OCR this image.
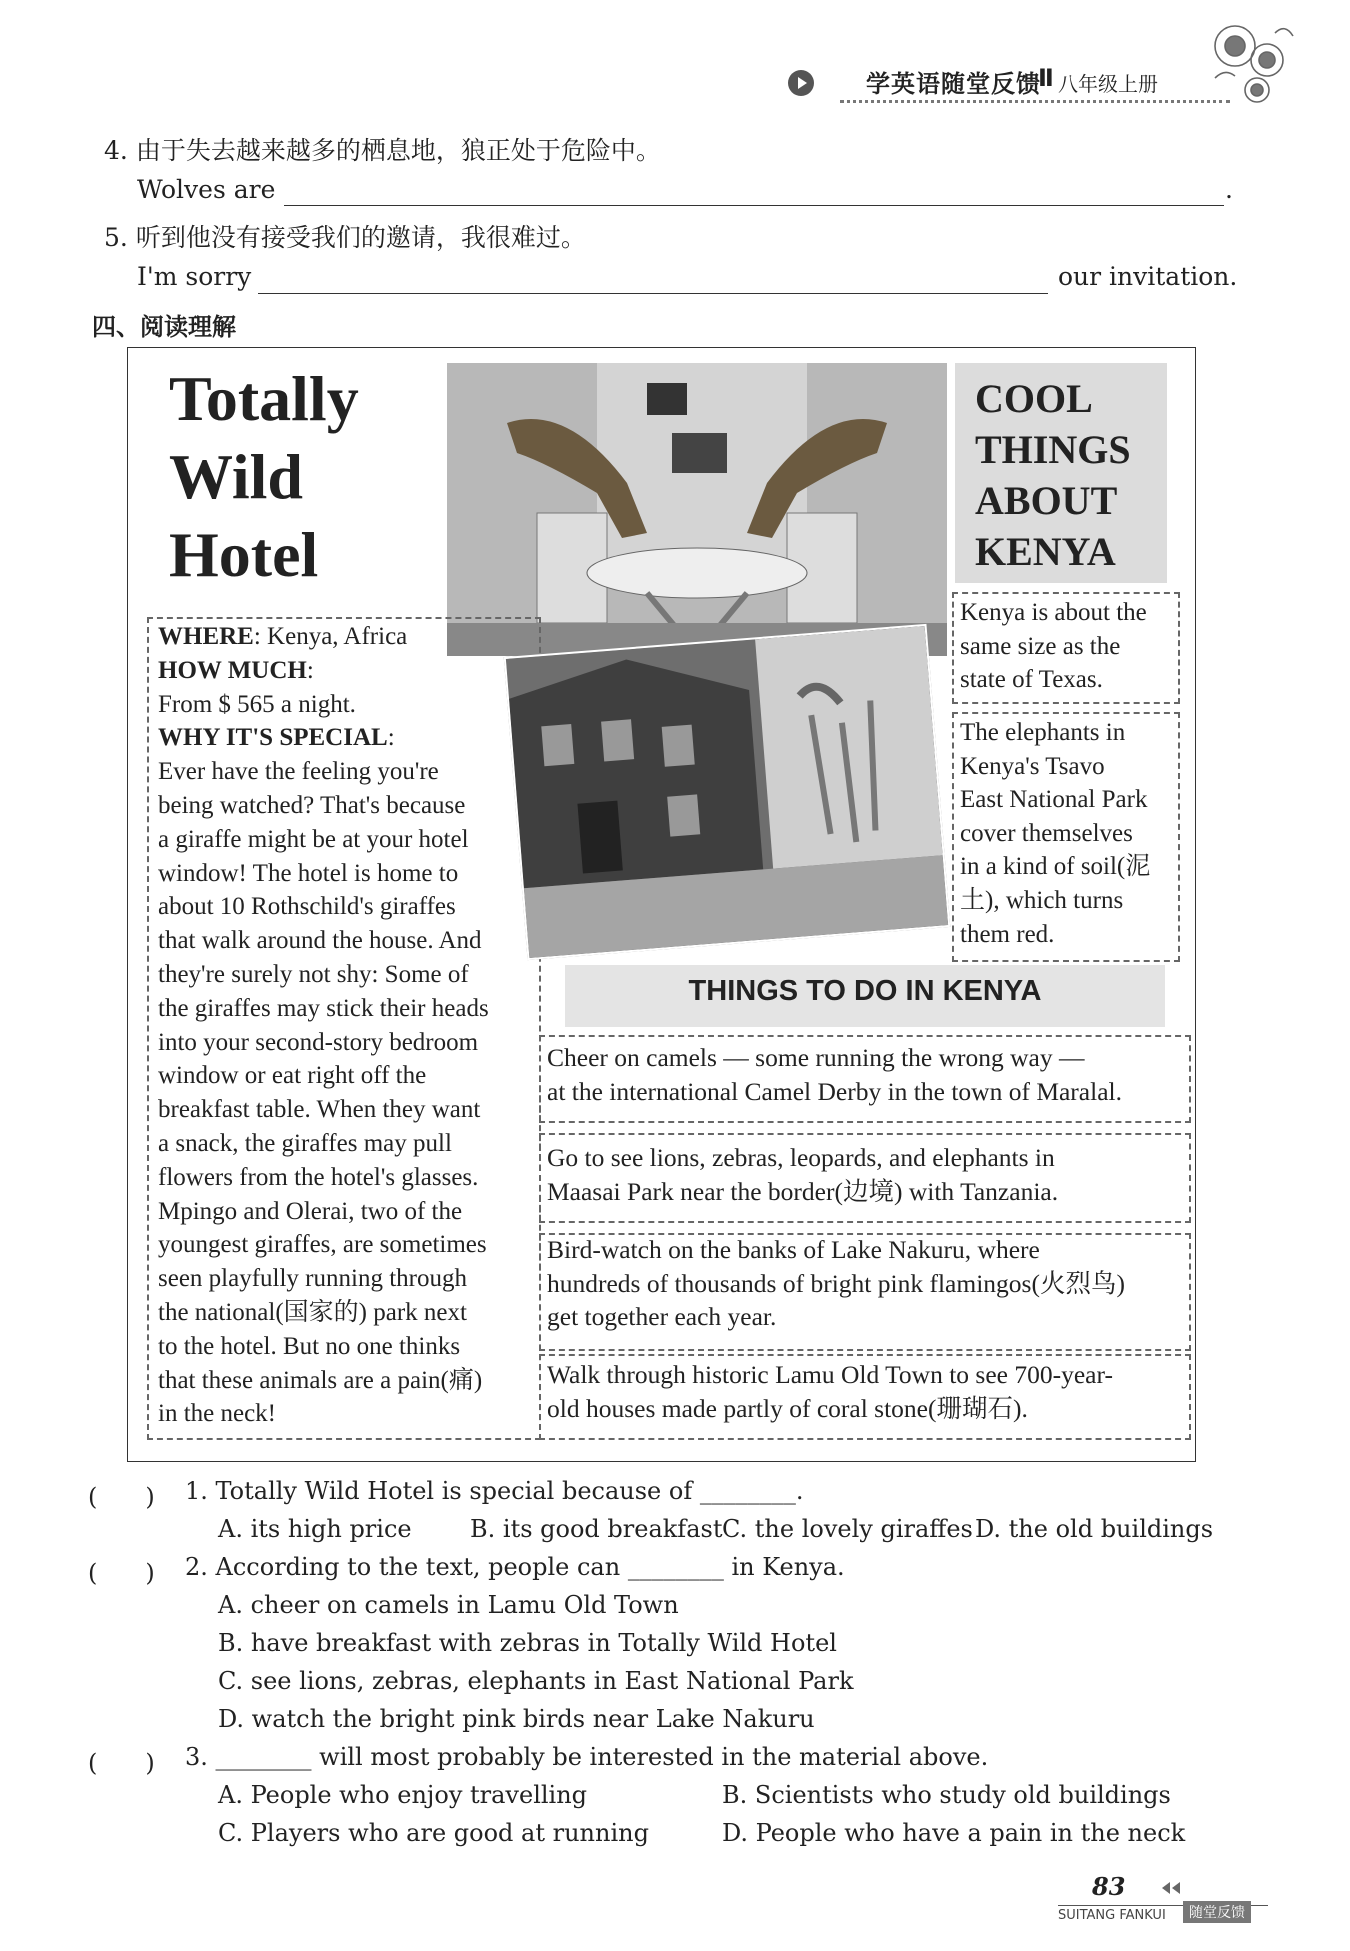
学英语随堂反馈
Ⅱ 八年级上册
4. 由于失去越来越多的栖息地，狼正处于危险中。
Wolves are	.
5. 听到他没有接受我们的邀请，我很难过。
I'm sorry	our invitation.
四、阅读理解
Totally
Wild
Hotel
COOL
THINGS
ABOUT
KENYA
WHERE: Kenya, Africa
HOW MUCH:
From $ 565 a night.
WHY IT'S SPECIAL:
Ever have the feeling you're
being watched? That's because
a giraffe might be at your hotel
window! The hotel is home to
about 10 Rothschild's giraffes
that walk around the house. And
they're surely not shy: Some of
the giraffes may stick their heads
into your second-story bedroom
window or eat right off the
breakfast table. When they want
a snack, the giraffes may pull
flowers from the hotel's glasses.
Mpingo and Olerai, two of the
youngest giraffes, are sometimes
seen playfully running through
the national(国家的) park next
to the hotel. But no one thinks
that these animals are a pain(痛)
in the neck!
Kenya is about the
same size as the
state of Texas.
The elephants in
Kenya's Tsavo
East National Park
cover themselves
in a kind of soil(泥
土), which turns
them red.
THINGS TO DO IN KENYA
Cheer on camels — some running the wrong way —
at the international Camel Derby in the town of Maralal.
Go to see lions, zebras, leopards, and elephants in
Maasai Park near the border(边境) with Tanzania.
Bird-watch on the banks of Lake Nakuru, where
hundreds of thousands of bright pink flamingos(火烈鸟)
get together each year.
Walk through historic Lamu Old Town to see 700-year-
old houses made partly of coral stone(珊瑚石).
(　　) 1. Totally Wild Hotel is special because of ________.
A. its high price B. its good breakfast C. the lovely giraffes D. the old buildings
(　　) 2. According to the text, people can ________ in Kenya.
A. cheer on camels in Lamu Old Town
B. have breakfast with zebras in Totally Wild Hotel
C. see lions, zebras, elephants in East National Park
D. watch the bright pink birds near Lake Nakuru
(　　) 3. ________ will most probably be interested in the material above.
A. People who enjoy travelling	B. Scientists who study old buildings
C. Players who are good at running	D. People who have a pain in the neck
83
SUITANG FANKUI	随堂反馈
